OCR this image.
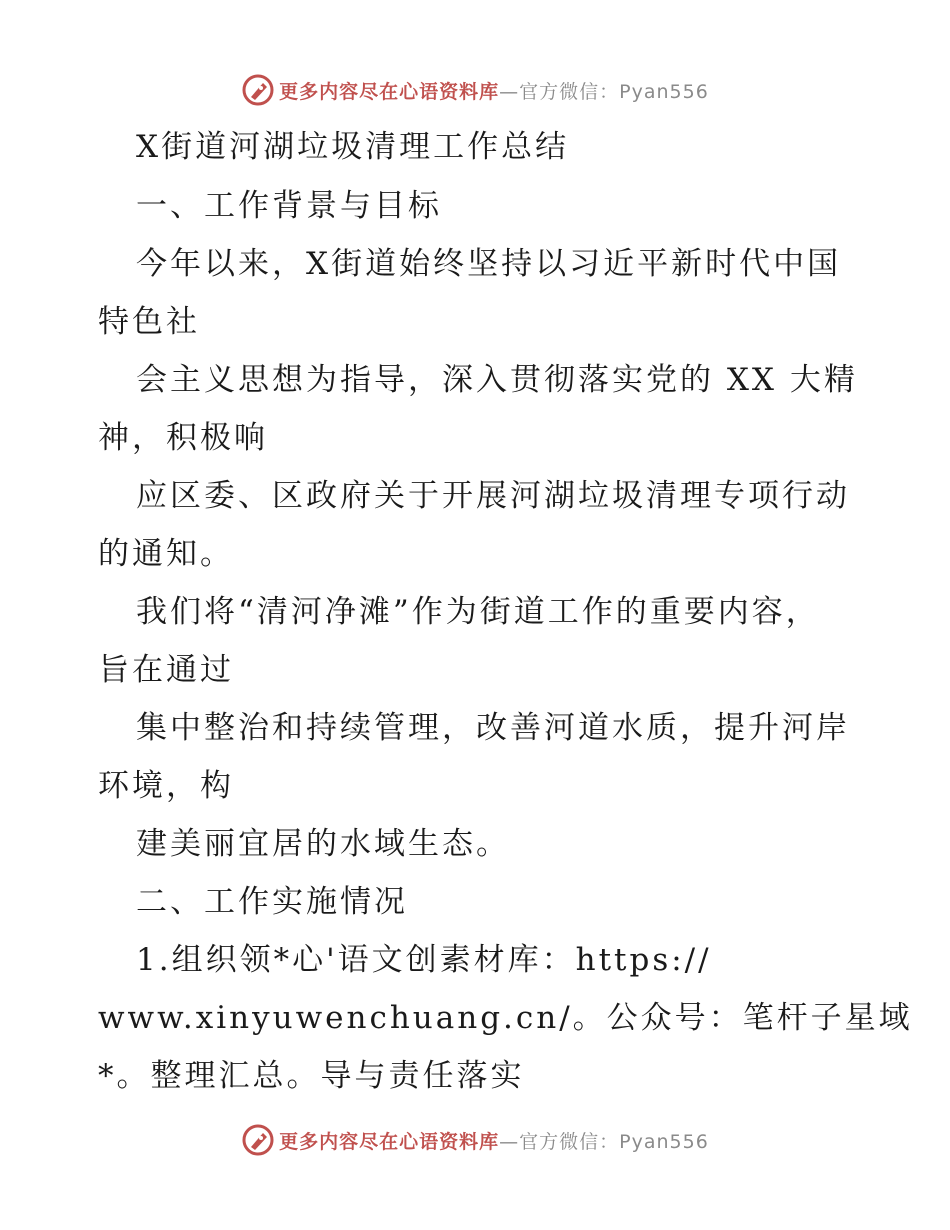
更多内容尽在心语资料库—官方微信：Pyan556
X街道河湖垃圾清理工作总结
一、工作背景与目标
今年以来，X街道始终坚持以习近平新时代中国
特色社
会主义思想为指导，深入贯彻落实党的 XX 大精
神，积极响
应区委、区政府关于开展河湖垃圾清理专项行动
的通知。
我们将“清河净滩”作为街道工作的重要内容，
旨在通过
集中整治和持续管理，改善河道水质，提升河岸
环境，构
建美丽宜居的水域生态。
二、工作实施情况
1.组织领*心'语文创素材库：https://
www.xinyuwenchuang.cn/。公众号：笔杆子星域
*。整理汇总。导与责任落实
更多内容尽在心语资料库—官方微信：Pyan556
